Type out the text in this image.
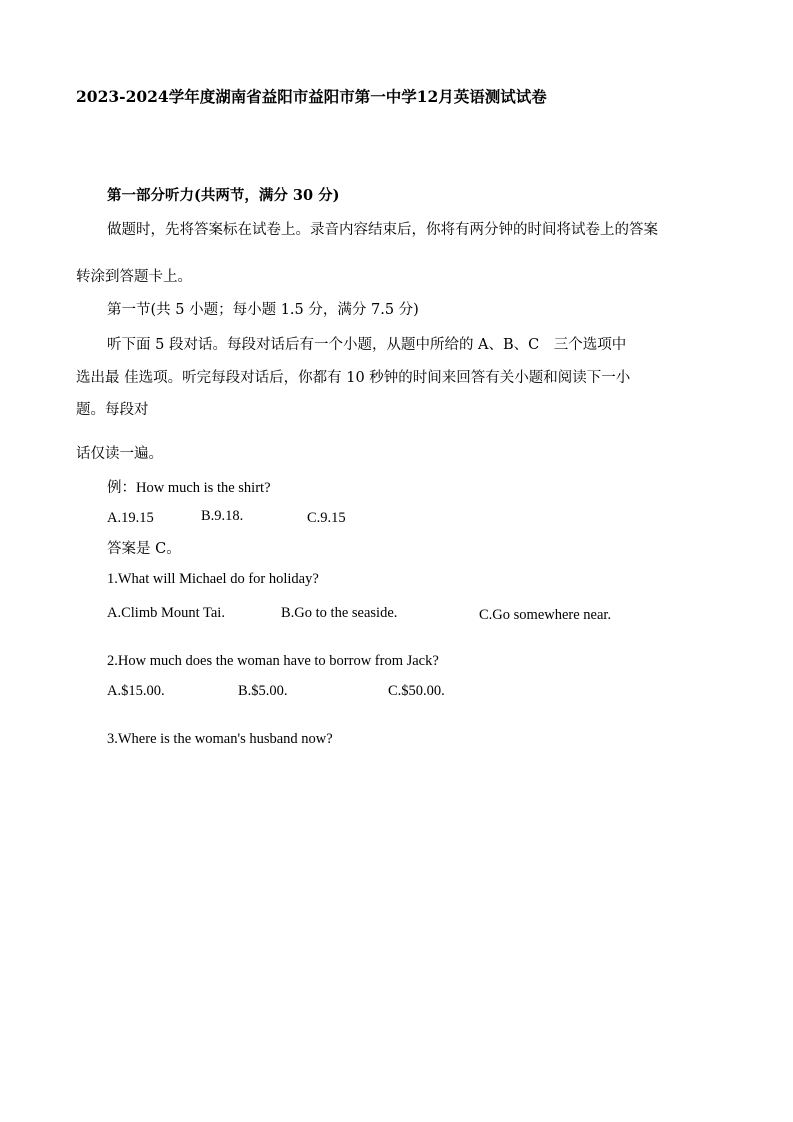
2023-2024学年度湖南省益阳市益阳市第一中学12月英语测试试卷
第一部分听力(共两节，满分 30 分)
做题时，先将答案标在试卷上。录音内容结束后，你将有两分钟的时间将试卷上的答案
转涂到答题卡上。
第一节(共 5 小题；每小题 1.5 分，满分 7.5 分)
听下面 5 段对话。每段对话后有一个小题，从题中所给的 A、B、C　三个选项中
选出最 佳选项。听完每段对话后，你都有 10 秒钟的时间来回答有关小题和阅读下一小
题。每段对
话仅读一遍。
例：How much is the shirt?
A.19.15	B.9.18.	C.9.15
答案是 C。
1.What will Michael do for holiday?
A.Climb Mount Tai.	B.Go to the seaside.	C.Go somewhere near.
2.How much does the woman have to borrow from Jack?
A.$15.00.	B.$5.00.	C.$50.00.
3.Where is the woman's husband now?
